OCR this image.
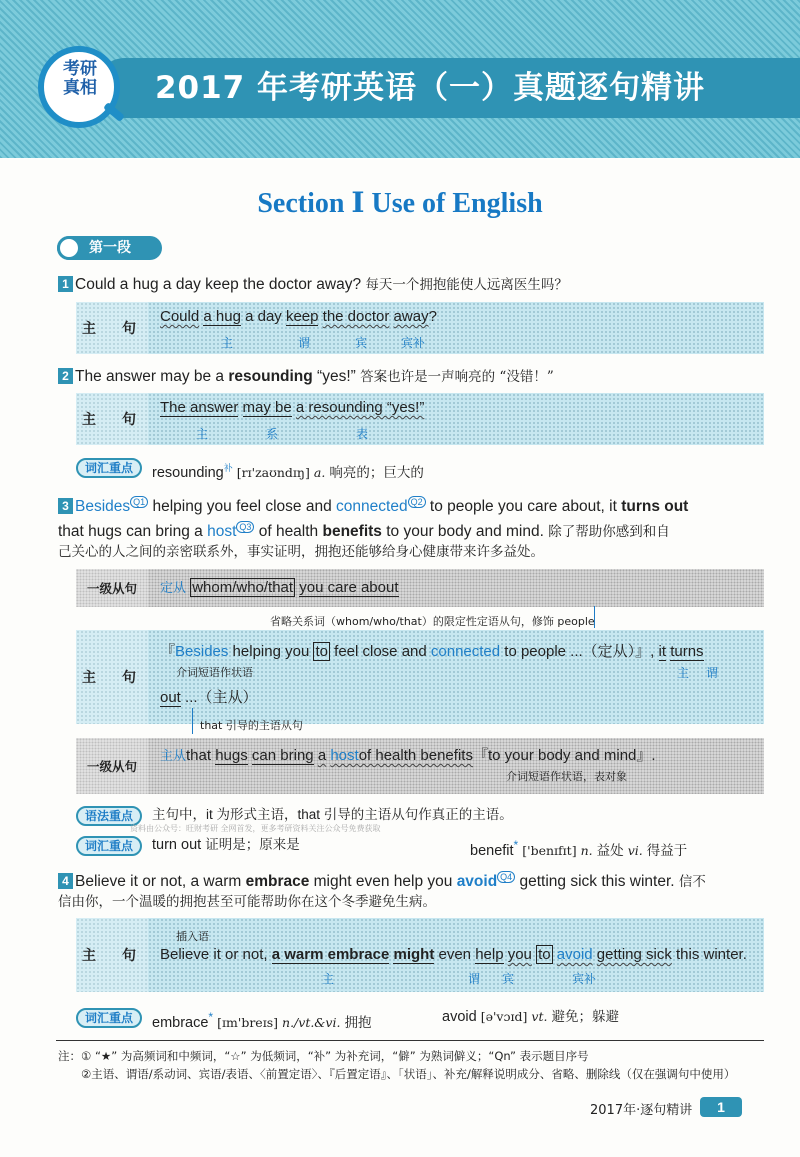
2017 年考研英语（一）真题逐句精讲
考研
真相
Section Ⅰ Use of English
第一段
1 Could a hug a day keep the doctor away? 每天一个拥抱能使人远离医生吗？
主　句
Could a hug a day keep the doctor away?
主	谓	宾	宾补
2 The answer may be a resounding “yes!” 答案也许是一声响亮的 “没错！”
主　句
The answer may be a resounding “yes!”
主	系	表
词汇重点	resounding$^补$ [rɪ'zaʊndɪŋ] a. 响亮的；巨大的
3 Besides $^{Q1}$ helping you feel close and connected $^{Q2}$ to people you care about, it turns out
that hugs can bring a host $^{Q3}$ of health benefits to your body and mind. 除了帮助你感到和自
己关心的人之间的亲密联系外，事实证明，拥抱还能够给身心健康带来许多益处。
一级从句	定从 whom/who/that you care about
省略关系词（whom/who/that）的限定性定语从句，修饰 people
主　句
『Besides helping you to feel close and connected to people ...（定从）』, it turns
介词短语作状语	主 谓
out ...（主从）
that 引导的主语从句
一级从句
主从that hugs can bring a hostof health benefits『to your body and mind』.
介词短语作状语，表对象
语法重点	主句中，it 为形式主语，that 引导的主语从句作真正的主语。
资料由公众号：旺财考研 全网首发，更多考研资料关注公众号免费获取
词汇重点	turn out 证明是；原来是	benefit* ['benɪfɪt] n. 益处 vi. 得益于
4 Believe it or not, a warm embrace might even help you avoid $^{Q4}$ getting sick this winter. 信不
信由你，一个温暖的拥抱甚至可能帮助你在这个冬季避免生病。
主　句
插入语
Believe it or not, a warm embrace might even help you to avoid getting sick this winter.
主	谓 宾	宾补
词汇重点	embrace* [ɪm'breɪs] n./vt.&vi. 拥抱	avoid [ə'vɔɪd] vt. 避免；躲避
注：① “★” 为高频词和中频词，“☆” 为低频词，“补” 为补充词，“僻” 为熟词僻义；“Qn” 表示题目序号
　　②主语、谓语/系动词、宾语/表语、〈前置定语〉、『后置定语』、「状语」、补充/解释说明成分、省略、删除线（仅在强调句中使用）
2017年·逐句精讲	1
